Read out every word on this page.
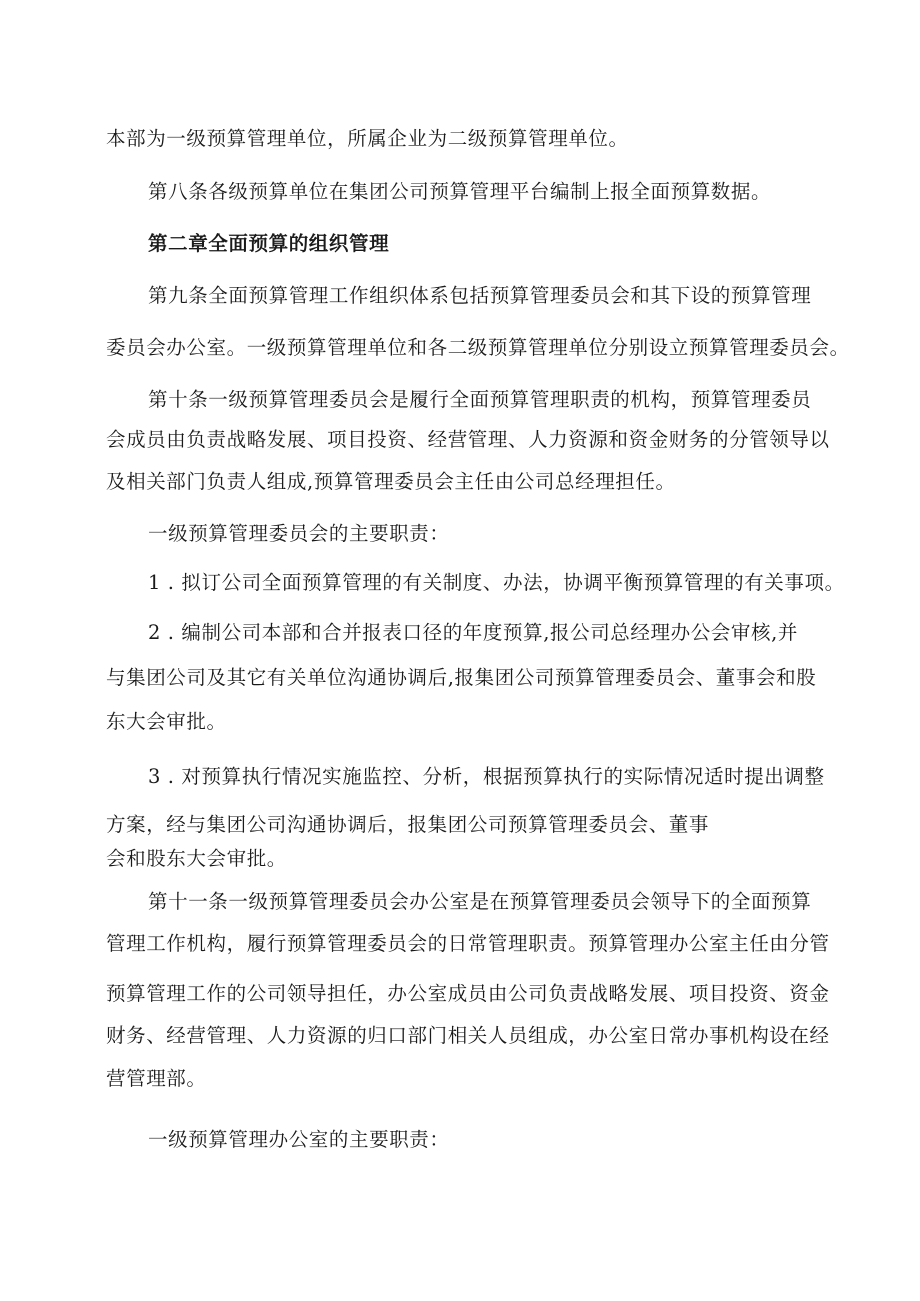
本部为一级预算管理单位，所属企业为二级预算管理单位。
第八条各级预算单位在集团公司预算管理平台编制上报全面预算数据。
第二章全面预算的组织管理
第九条全面预算管理工作组织体系包括预算管理委员会和其下设的预算管理
委员会办公室。一级预算管理单位和各二级预算管理单位分别设立预算管理委员会。
第十条一级预算管理委员会是履行全面预算管理职责的机构，预算管理委员
会成员由负责战略发展、项目投资、经营管理、人力资源和资金财务的分管领导以
及相关部门负责人组成,预算管理委员会主任由公司总经理担任。
一级预算管理委员会的主要职责：
1 . 拟订公司全面预算管理的有关制度、办法，协调平衡预算管理的有关事项。
2 . 编制公司本部和合并报表口径的年度预算,报公司总经理办公会审核,并
与集团公司及其它有关单位沟通协调后,报集团公司预算管理委员会、董事会和股
东大会审批。
3 . 对预算执行情况实施监控、分析，根据预算执行的实际情况适时提出调整
方案，经与集团公司沟通协调后，报集团公司预算管理委员会、董事
会和股东大会审批。
第十一条一级预算管理委员会办公室是在预算管理委员会领导下的全面预算
管理工作机构，履行预算管理委员会的日常管理职责。预算管理办公室主任由分管
预算管理工作的公司领导担任，办公室成员由公司负责战略发展、项目投资、资金
财务、经营管理、人力资源的归口部门相关人员组成，办公室日常办事机构设在经
营管理部。
一级预算管理办公室的主要职责：
